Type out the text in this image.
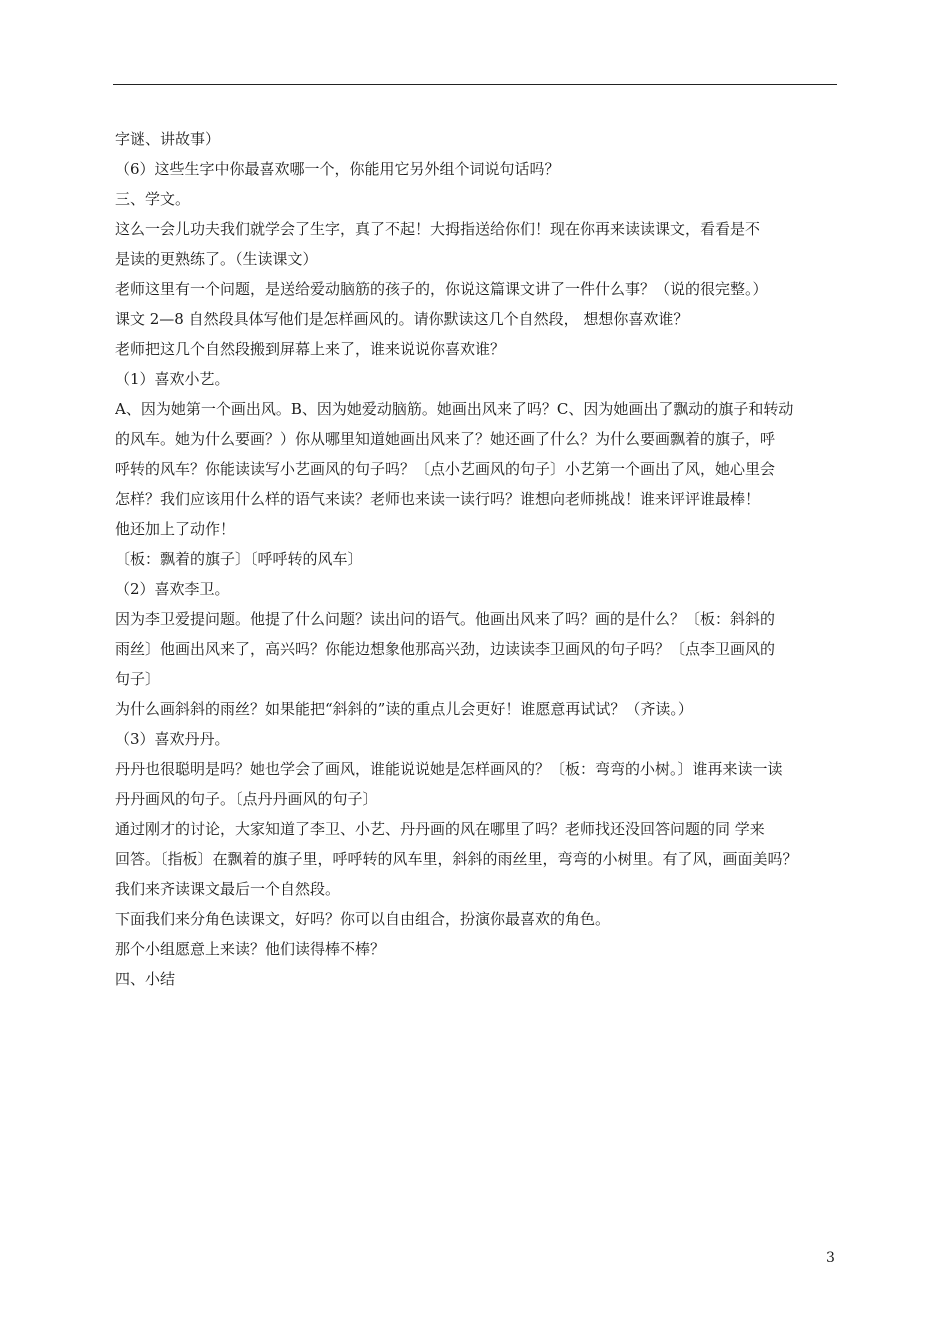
字谜、讲故事）

（6）这些生字中你最喜欢哪一个，你能用它另外组个词说句话吗？

三、学文。

这么一会儿功夫我们就学会了生字，真了不起！大拇指送给你们！现在你再来读读课文，看看是不

是读的更熟练了。（生读课文）

老师这里有一个问题，是送给爱动脑筋的孩子的，你说这篇课文讲了一件什么事？（说的很完整。）

课文 2—8 自然段具体写他们是怎样画风的。请你默读这几个自然段， 想想你喜欢谁？

老师把这几个自然段搬到屏幕上来了，谁来说说你喜欢谁？

（1）喜欢小艺。

A、因为她第一个画出风。B、因为她爱动脑筋。她画出风来了吗？C、因为她画出了飘动的旗子和转动

的风车。她为什么要画？）你从哪里知道她画出风来了？她还画了什么？为什么要画飘着的旗子，呼

呼转的风车？你能读读写小艺画风的句子吗？〔点小艺画风的句子〕小艺第一个画出了风，她心里会

怎样？我们应该用什么样的语气来读？老师也来读一读行吗？谁想向老师挑战！谁来评评谁最棒！

他还加上了动作！

〔板：飘着的旗子〕〔呼呼转的风车〕

（2）喜欢李卫。

因为李卫爱提问题。他提了什么问题？读出问的语气。他画出风来了吗？画的是什么？〔板：斜斜的

雨丝〕他画出风来了，高兴吗？你能边想象他那高兴劲，边读读李卫画风的句子吗？〔点李卫画风的

句子〕

为什么画斜斜的雨丝？如果能把“斜斜的”读的重点儿会更好！谁愿意再试试？（齐读。）

（3）喜欢丹丹。

丹丹也很聪明是吗？她也学会了画风，谁能说说她是怎样画风的？〔板：弯弯的小树。〕谁再来读一读

丹丹画风的句子。〔点丹丹画风的句子〕

通过刚才的讨论，大家知道了李卫、小艺、丹丹画的风在哪里了吗？老师找还没回答问题的同 学来

回答。〔指板〕在飘着的旗子里，呼呼转的风车里，斜斜的雨丝里，弯弯的小树里。有了风，画面美吗？

我们来齐读课文最后一个自然段。

下面我们来分角色读课文，好吗？你可以自由组合，扮演你最喜欢的角色。

那个小组愿意上来读？他们读得棒不棒？

四、小结

3
